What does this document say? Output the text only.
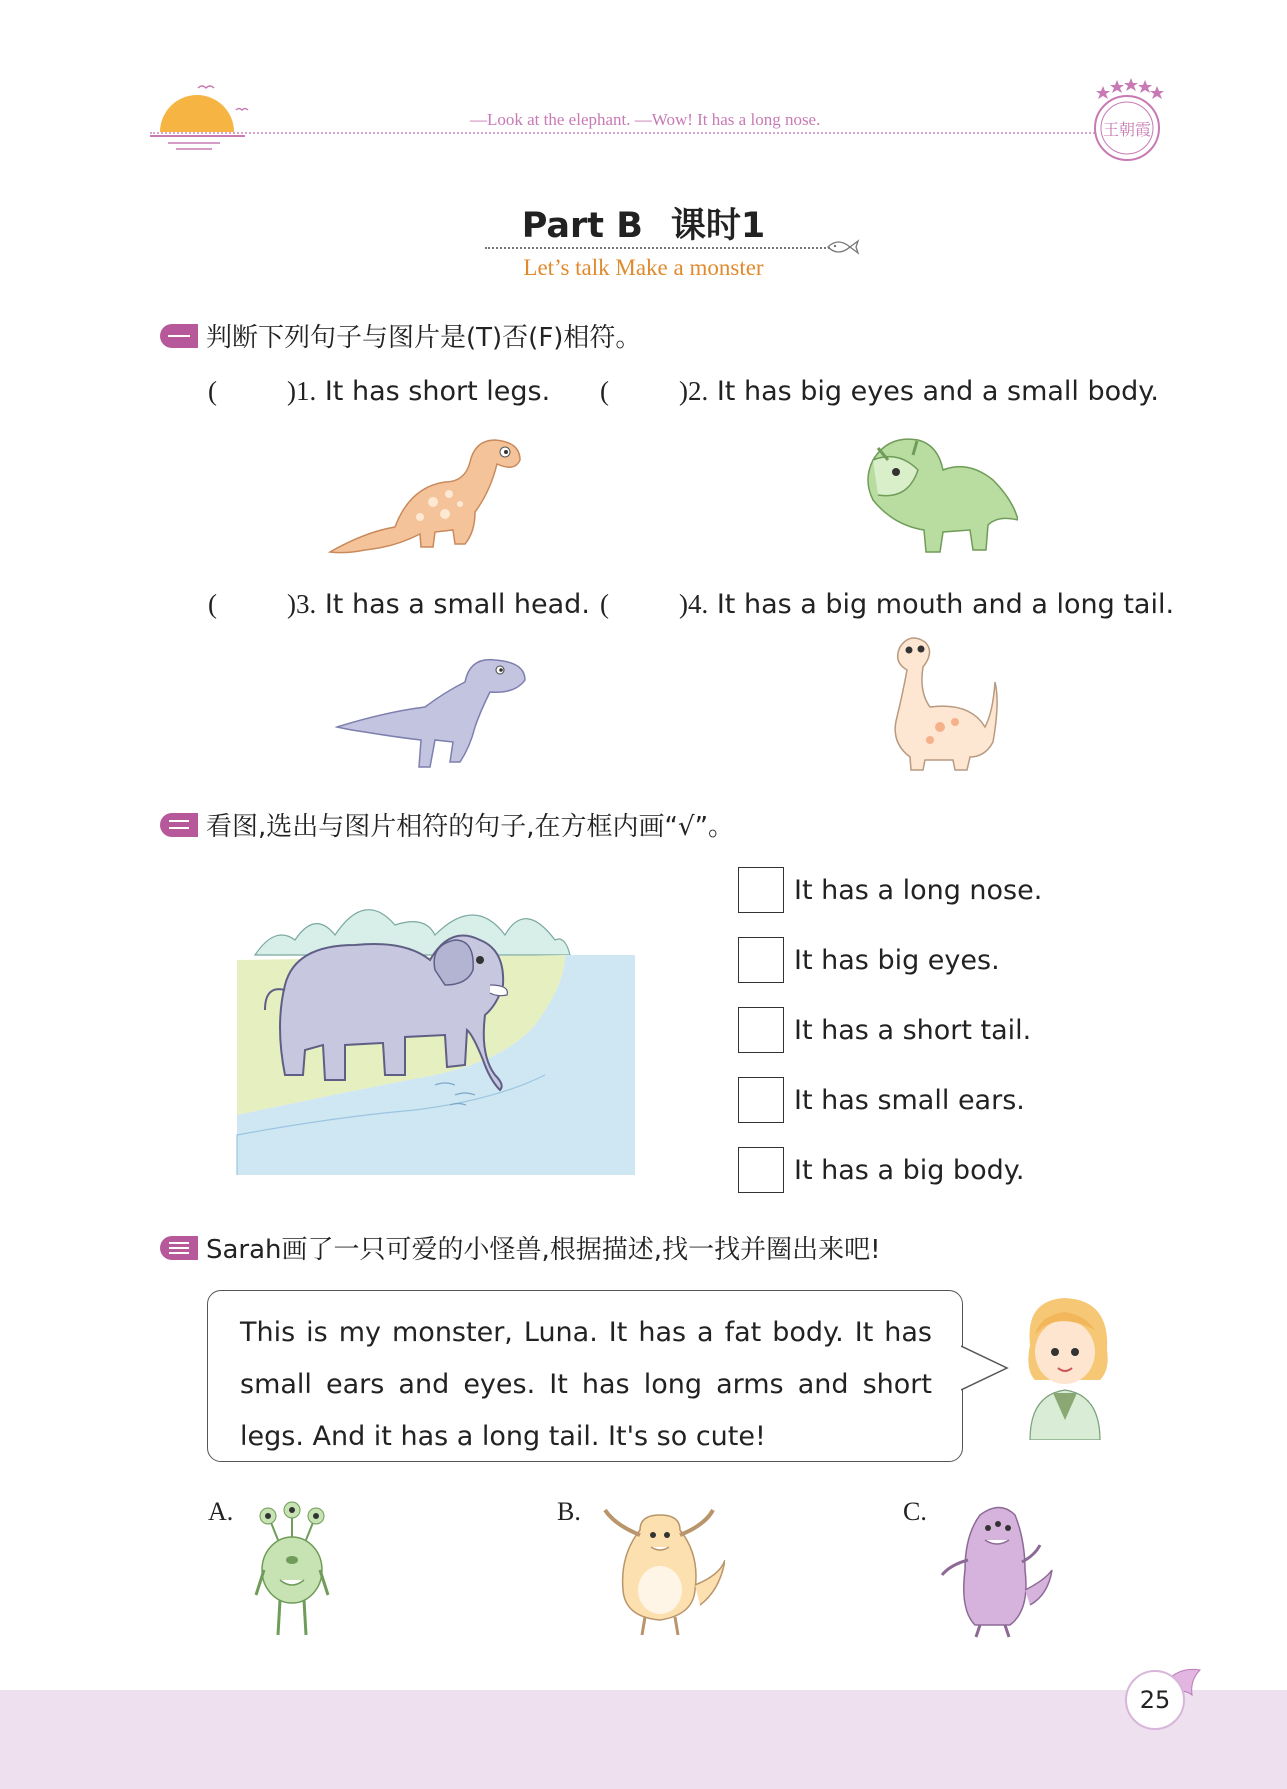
—Look at the elephant. —Wow! It has a long nose.
王朝霞
Part B 课时1
Let’s talk Make a monster
判断下列句子与图片是(T)否(F)相符。
(	)1. It has short legs. (	)2. It has big eyes and a small body.
(	)3. It has a small head. (	)4. It has a big mouth and a long tail.
看图,选出与图片相符的句子,在方框内画“√”。
It has a long nose.
It has big eyes.
It has a short tail.
It has small ears.
It has a big body.
Sarah画了一只可爱的小怪兽,根据描述,找一找并圈出来吧!
This is my monster, Luna. It has a fat body. It has small ears and eyes. It has long arms and short legs. And it has a long tail. It's so cute!
A.	B.	C.
25
